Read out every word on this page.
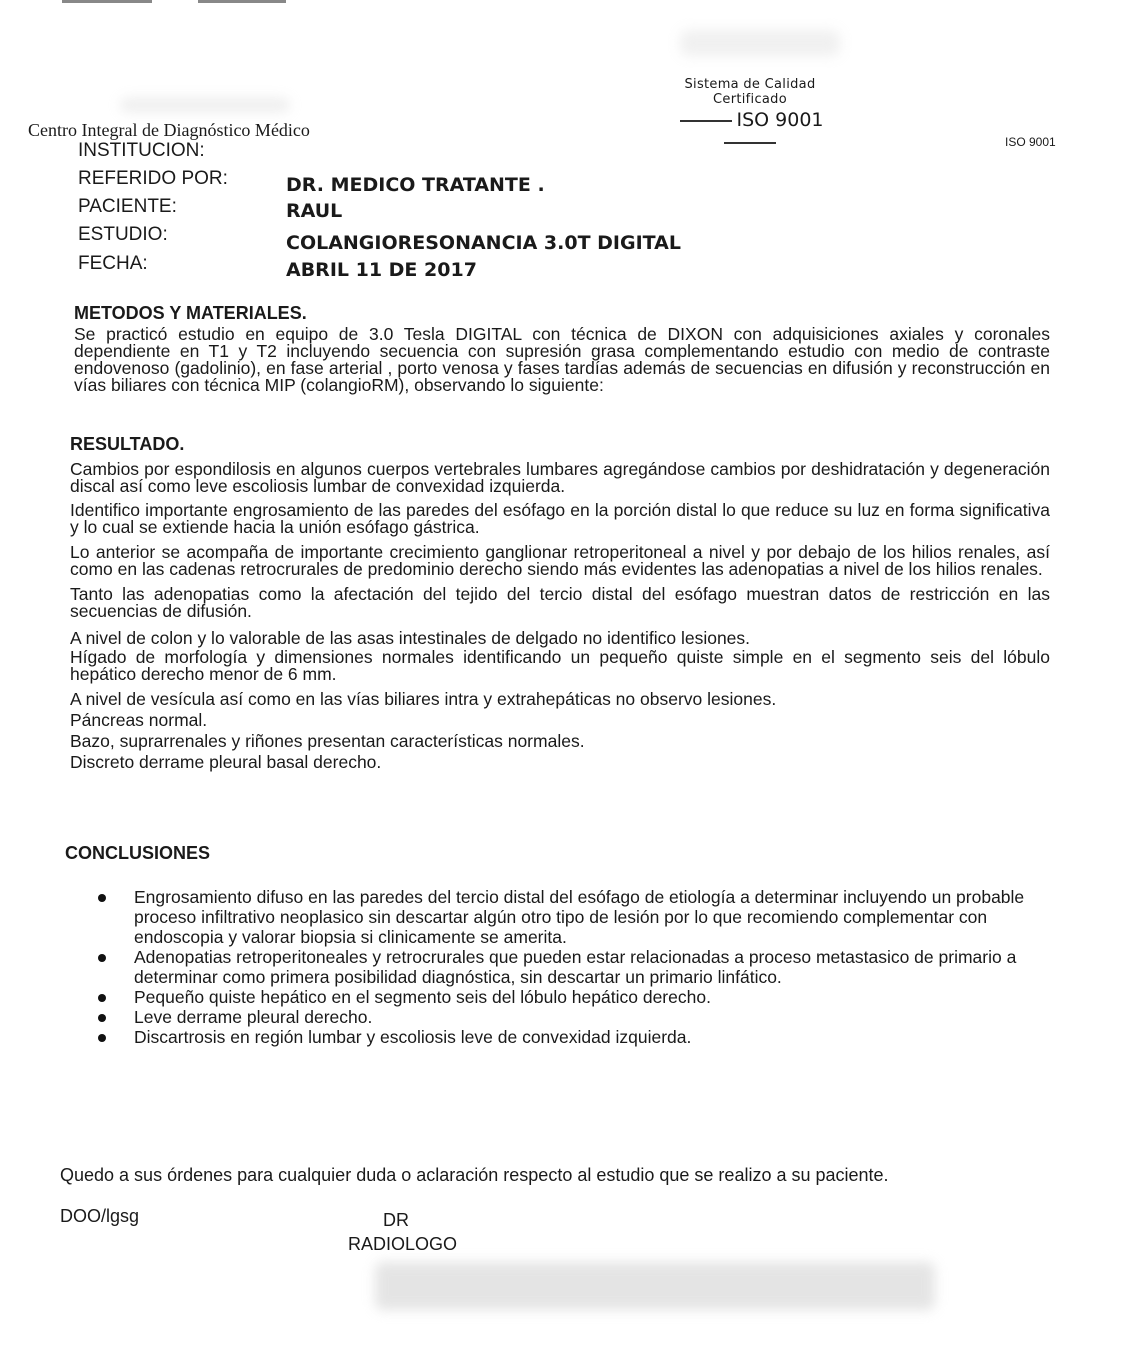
Sistema de Calidad Certificado
ISO 9001
Centro Integral de Diagnóstico Médico
ISO 9001
INSTITUCION:
REFERIDO POR:	DR. MEDICO TRATANTE .
PACIENTE:	RAUL
ESTUDIO:	COLANGIORESONANCIA 3.0T DIGITAL
FECHA:	ABRIL 11 DE 2017
METODOS Y MATERIALES.

Se practicó estudio en equipo de 3.0 Tesla DIGITAL con técnica de DIXON con adquisiciones axiales y coronales dependiente en T1 y T2 incluyendo secuencia con supresión grasa complementando estudio con medio de contraste endovenoso (gadolinio), en fase arterial , porto venosa y fases tardías además de secuencias en difusión y reconstrucción en vías biliares con técnica MIP (colangioRM), observando lo siguiente:

RESULTADO.

Cambios por espondilosis en algunos cuerpos vertebrales lumbares agregándose cambios por deshidratación y degeneración discal así como leve escoliosis lumbar de convexidad izquierda.

Identifico importante engrosamiento de las paredes del esófago en la porción distal lo que reduce su luz en forma significativa y lo cual se extiende hacia la unión esófago gástrica.

Lo anterior se acompaña de importante crecimiento ganglionar retroperitoneal a nivel y por debajo de los hilios renales, así como en las cadenas retrocrurales de predominio derecho siendo más evidentes las adenopatias a nivel de los hilios renales.

Tanto las adenopatias como la afectación del tejido del tercio distal del esófago muestran datos de restricción en las secuencias de difusión.

A nivel de colon y lo valorable de las asas intestinales de delgado no identifico lesiones.

Hígado de morfología y dimensiones normales identificando un pequeño quiste simple en el segmento seis del lóbulo hepático derecho menor de 6 mm.

A nivel de vesícula así como en las vías biliares intra y extrahepáticas no observo lesiones.

Páncreas normal.

Bazo, suprarrenales y riñones presentan características normales.

Discreto derrame pleural basal derecho.

CONCLUSIONES
Engrosamiento difuso en las paredes del tercio distal del esófago de etiología a determinar incluyendo un probable proceso infiltrativo neoplasico sin descartar algún otro tipo de lesión por lo que recomiendo complementar con endoscopia y valorar biopsia si clinicamente se amerita.
Adenopatias retroperitoneales y retrocrurales que pueden estar relacionadas a proceso metastasico de primario a determinar como primera posibilidad diagnóstica, sin descartar un primario linfático.
Pequeño quiste hepático en el segmento seis del lóbulo hepático derecho.
Leve derrame pleural derecho.
Discartrosis en región lumbar y escoliosis leve de convexidad izquierda.
Quedo a sus órdenes para cualquier duda o aclaración respecto al estudio que se realizo a su paciente.
DOO/lgsg	DR
RADIOLOGO
